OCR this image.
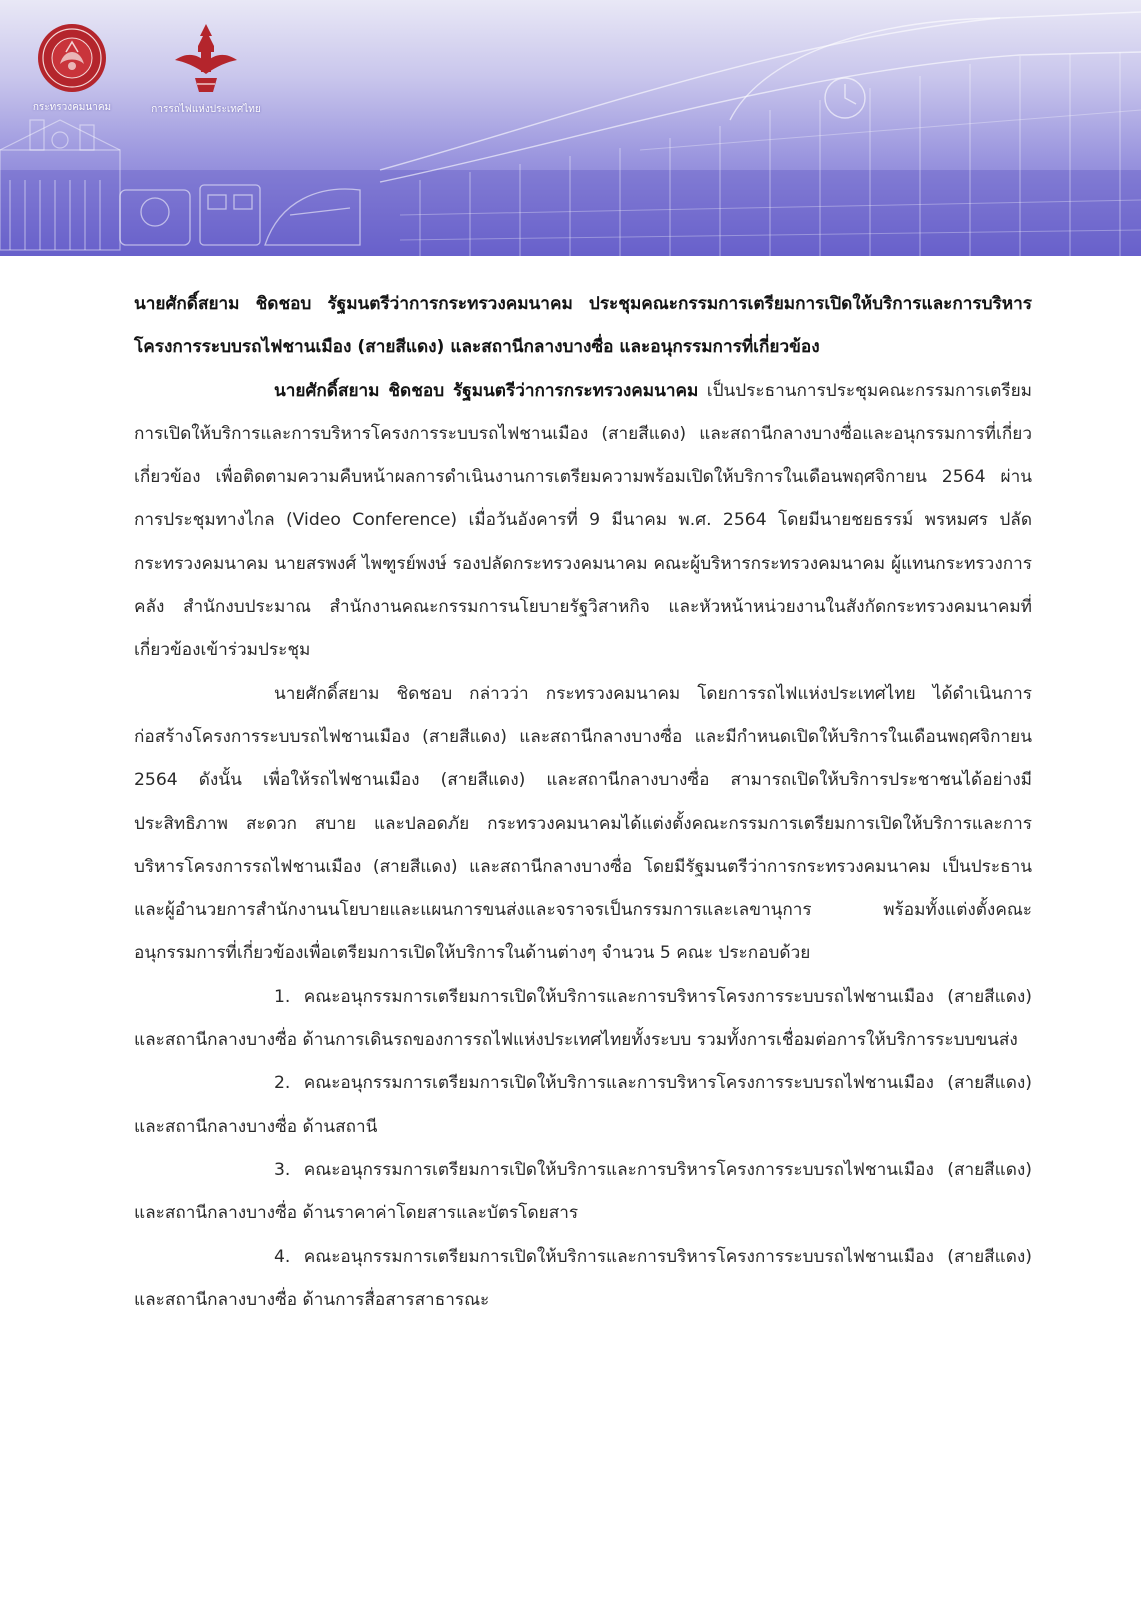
กระทรวงคมนาคม	การรถไฟแห่งประเทศไทย

นายศักดิ์สยาม ชิดชอบ รัฐมนตรีว่าการกระทรวงคมนาคม ประชุมคณะกรรมการเตรียมการเปิดให้บริการและการบริหารโครงการระบบรถไฟชานเมือง (สายสีแดง) และสถานีกลางบางซื่อ และอนุกรรมการที่เกี่ยวข้อง

นายศักดิ์สยาม ชิดชอบ รัฐมนตรีว่าการกระทรวงคมนาคม เป็นประธานการประชุมคณะกรรมการเตรียมการเปิดให้บริการและการบริหารโครงการระบบรถไฟชานเมือง (สายสีแดง) และสถานีกลางบางซื่อและอนุกรรมการที่เกี่ยวเกี่ยวข้อง เพื่อติดตามความคืบหน้าผลการดำเนินงานการเตรียมความพร้อมเปิดให้บริการในเดือนพฤศจิกายน 2564 ผ่านการประชุมทางไกล (Video Conference) เมื่อวันอังคารที่ 9 มีนาคม พ.ศ. 2564 โดยมีนายชยธรรม์ พรหมศร ปลัดกระทรวงคมนาคม นายสรพงศ์ ไพฑูรย์พงษ์ รองปลัดกระทรวงคมนาคม คณะผู้บริหารกระทรวงคมนาคม ผู้แทนกระทรวงการคลัง สำนักงบประมาณ สำนักงานคณะกรรมการนโยบายรัฐวิสาหกิจ และหัวหน้าหน่วยงานในสังกัดกระทรวงคมนาคมที่เกี่ยวข้องเข้าร่วมประชุม

นายศักดิ์สยาม ชิดชอบ กล่าวว่า กระทรวงคมนาคม โดยการรถไฟแห่งประเทศไทย ได้ดำเนินการก่อสร้างโครงการระบบรถไฟชานเมือง (สายสีแดง) และสถานีกลางบางซื่อ และมีกำหนดเปิดให้บริการในเดือนพฤศจิกายน 2564 ดังนั้น เพื่อให้รถไฟชานเมือง (สายสีแดง) และสถานีกลางบางซื่อ สามารถเปิดให้บริการประชาชนได้อย่างมีประสิทธิภาพ สะดวก สบาย และปลอดภัย กระทรวงคมนาคมได้แต่งตั้งคณะกรรมการเตรียมการเปิดให้บริการและการบริหารโครงการรถไฟชานเมือง (สายสีแดง) และสถานีกลางบางซื่อ โดยมีรัฐมนตรีว่าการกระทรวงคมนาคม เป็นประธาน และผู้อำนวยการสำนักงานนโยบายและแผนการขนส่งและจราจรเป็นกรรมการและเลขานุการ พร้อมทั้งแต่งตั้งคณะอนุกรรมการที่เกี่ยวข้องเพื่อเตรียมการเปิดให้บริการในด้านต่างๆ จำนวน 5 คณะ ประกอบด้วย

1. คณะอนุกรรมการเตรียมการเปิดให้บริการและการบริหารโครงการระบบรถไฟชานเมือง (สายสีแดง) และสถานีกลางบางซื่อ ด้านการเดินรถของการรถไฟแห่งประเทศไทยทั้งระบบ รวมทั้งการเชื่อมต่อการให้บริการระบบขนส่ง

2. คณะอนุกรรมการเตรียมการเปิดให้บริการและการบริหารโครงการระบบรถไฟชานเมือง (สายสีแดง) และสถานีกลางบางซื่อ ด้านสถานี

3. คณะอนุกรรมการเตรียมการเปิดให้บริการและการบริหารโครงการระบบรถไฟชานเมือง (สายสีแดง) และสถานีกลางบางซื่อ ด้านราคาค่าโดยสารและบัตรโดยสาร

4. คณะอนุกรรมการเตรียมการเปิดให้บริการและการบริหารโครงการระบบรถไฟชานเมือง (สายสีแดง) และสถานีกลางบางซื่อ ด้านการสื่อสารสาธารณะ
